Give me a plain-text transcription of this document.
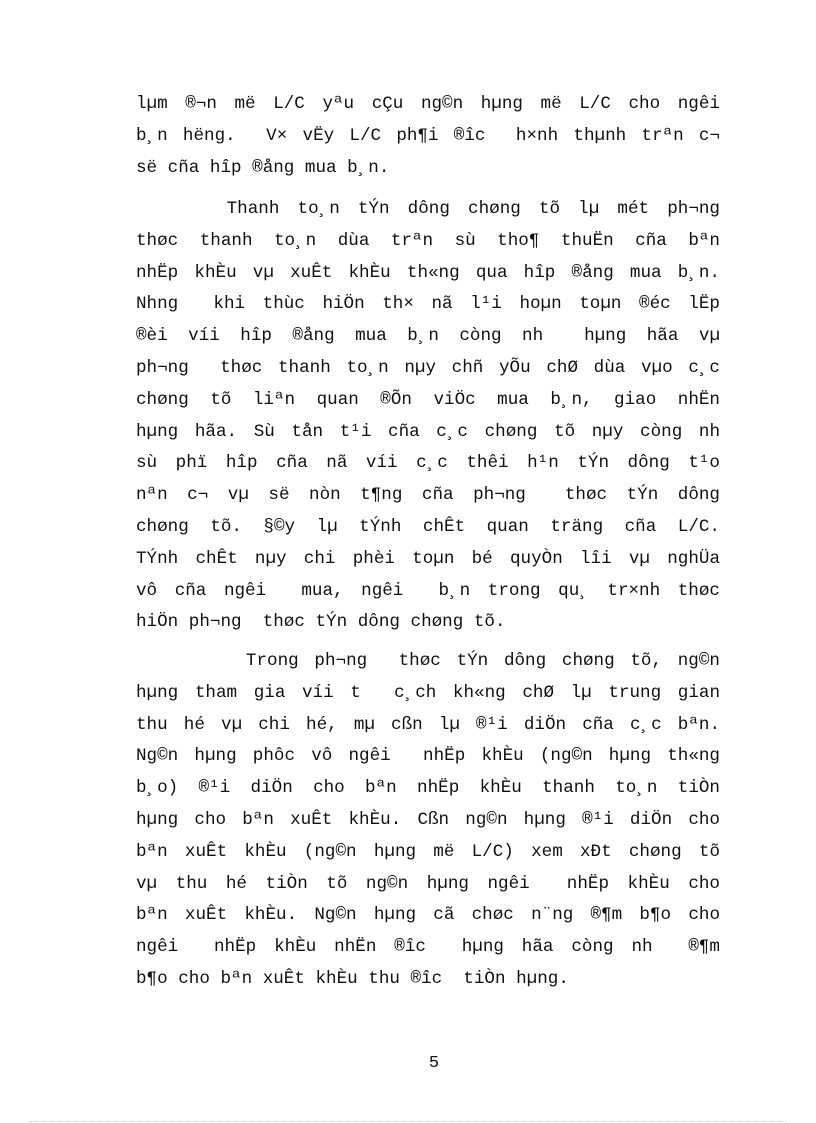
lµm ®¬n më L/C yªu cÇu ng©n hµng më L/C cho ngêi
b¸n hëng.  V× vËy L/C ph¶i ®îc  h×nh thµnh trªn c¬
së cña hîp ®ång mua b¸n.
Thanh to¸n tÝn dông chøng tõ lµ mét ph¬ng
thøc thanh to¸n dùa trªn sù tho¶ thuËn cña bªn
nhËp khÈu vµ xuÊt khÈu th«ng qua hîp ®ång mua b¸n.
Nhng  khi thùc hiÖn th× nã l¹i hoµn toµn ®éc lËp
®èi víi hîp ®ång mua b¸n còng nh  hµng hãa vµ
ph¬ng  thøc thanh to¸n nµy chñ yÕu chØ dùa vµo c¸c
chøng tõ liªn quan ®Õn viÖc mua b¸n, giao nhËn
hµng hãa. Sù tån t¹i cña c¸c chøng tõ nµy còng nh
sù phï hîp cña nã víi c¸c thêi h¹n tÝn dông t¹o
nªn c¬ vµ së nòn t¶ng cña ph¬ng  thøc tÝn dông
chøng tõ. §©y lµ tÝnh chÊt quan träng cña L/C.
TÝnh chÊt nµy chi phèi toµn bé quyÒn lîi vµ nghÜa
vô cña ngêi  mua, ngêi  b¸n trong qu¸ tr×nh thøc
hiÖn ph¬ng  thøc tÝn dông chøng tõ.
Trong ph¬ng  thøc tÝn dông chøng tõ, ng©n
hµng tham gia víi t  c¸ch kh«ng chØ lµ trung gian
thu hé vµ chi hé, mµ cßn lµ ®¹i diÖn cña c¸c bªn.
Ng©n hµng phôc vô ngêi  nhËp khÈu (ng©n hµng th«ng
b¸o) ®¹i diÖn cho bªn nhËp khÈu thanh to¸n tiÒn
hµng cho bªn xuÊt khÈu. Cßn ng©n hµng ®¹i diÖn cho
bªn xuÊt khÈu (ng©n hµng më L/C) xem xÐt chøng tõ
vµ thu hé tiÒn tõ ng©n hµng ngêi  nhËp khÈu cho
bªn xuÊt khÈu. Ng©n hµng cã chøc n¨ng ®¶m b¶o cho
ngêi  nhËp khÈu nhËn ®îc  hµng hãa còng nh  ®¶m
b¶o cho bªn xuÊt khÈu thu ®îc  tiÒn hµng.
5
